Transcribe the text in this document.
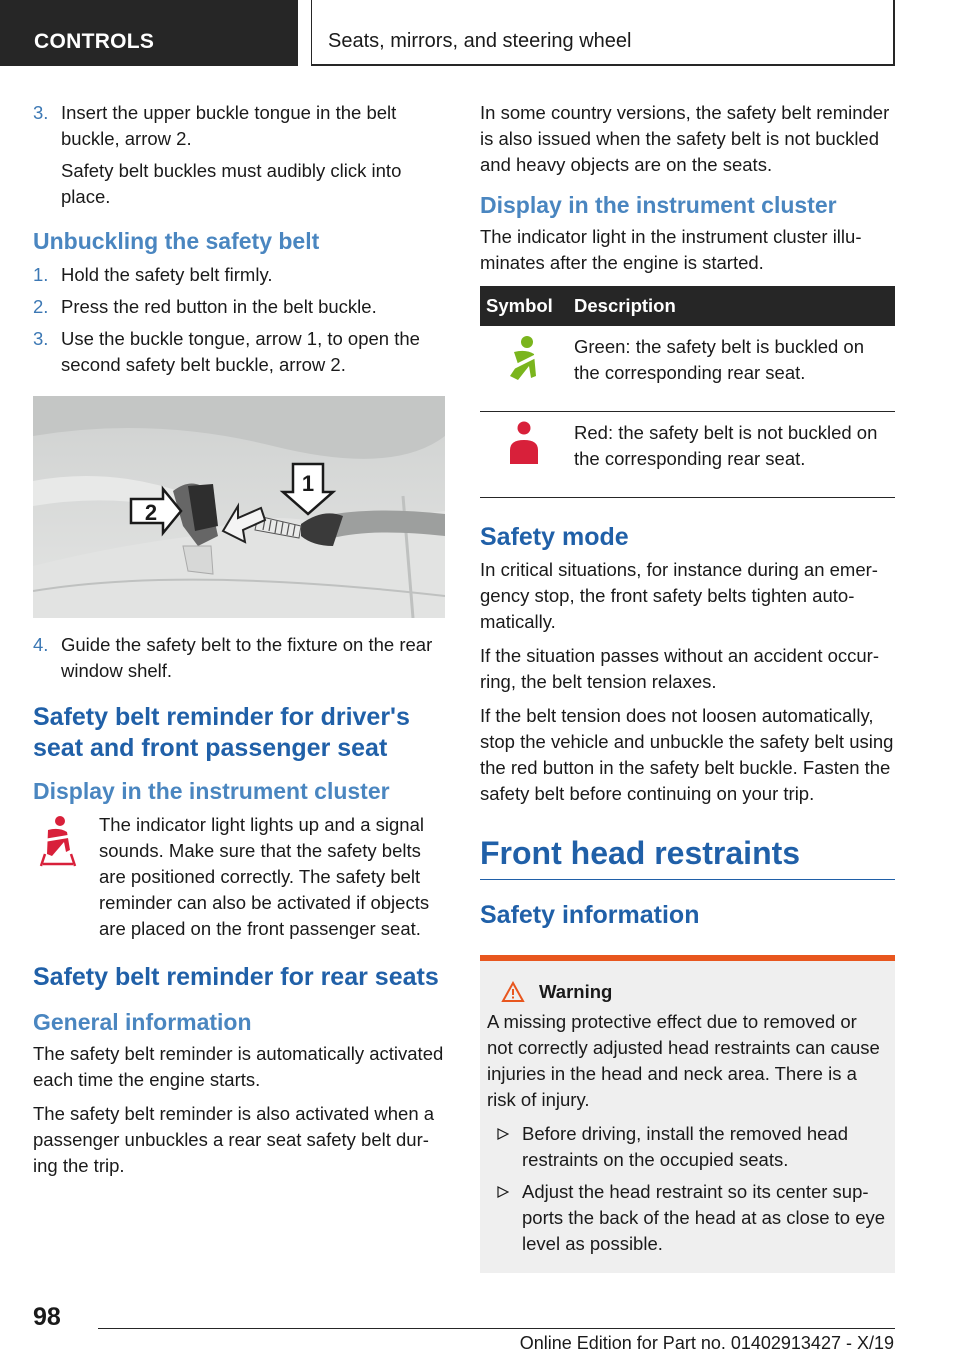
CONTROLS	Seats, mirrors, and steering wheel
3. Insert the upper buckle tongue in the belt buckle, arrow 2.
Safety belt buckles must audibly click into place.
Unbuckling the safety belt
1. Hold the safety belt firmly.
2. Press the red button in the belt buckle.
3. Use the buckle tongue, arrow 1, to open the second safety belt buckle, arrow 2.
2
1
4. Guide the safety belt to the fixture on the rear window shelf.
Safety belt reminder for driver's seat and front passenger seat
Display in the instrument cluster

The indicator light lights up and a signal sounds. Make sure that the safety belts are positioned correctly. The safety belt reminder can also be activated if objects are placed on the front passenger seat.

Safety belt reminder for rear seats
General information

The safety belt reminder is automatically activated each time the engine starts.

The safety belt reminder is also activated when a passenger unbuckles a rear seat safety belt during the trip.

In some country versions, the safety belt reminder is also issued when the safety belt is not buckled and heavy objects are on the seats.

Display in the instrument cluster

The indicator light in the instrument cluster illuminates after the engine is started.

Symbol	Description
	Green: the safety belt is buckled on the corresponding rear seat.
	Red: the safety belt is not buckled on the corresponding rear seat.
Safety mode

In critical situations, for instance during an emergency stop, the front safety belts tighten automatically.

If the situation passes without an accident occurring, the belt tension relaxes.

If the belt tension does not loosen automatically, stop the vehicle and unbuckle the safety belt using the red button in the safety belt buckle. Fasten the safety belt before continuing on your trip.

Front head restraints
Safety information
Warning

A missing protective effect due to removed or not correctly adjusted head restraints can cause injuries in the head and neck area. There is a risk of injury.

Before driving, install the removed head restraints on the occupied seats.
Adjust the head restraint so its center supports the back of the head at as close to eye level as possible.
98
Online Edition for Part no. 01402913427 - X/19
